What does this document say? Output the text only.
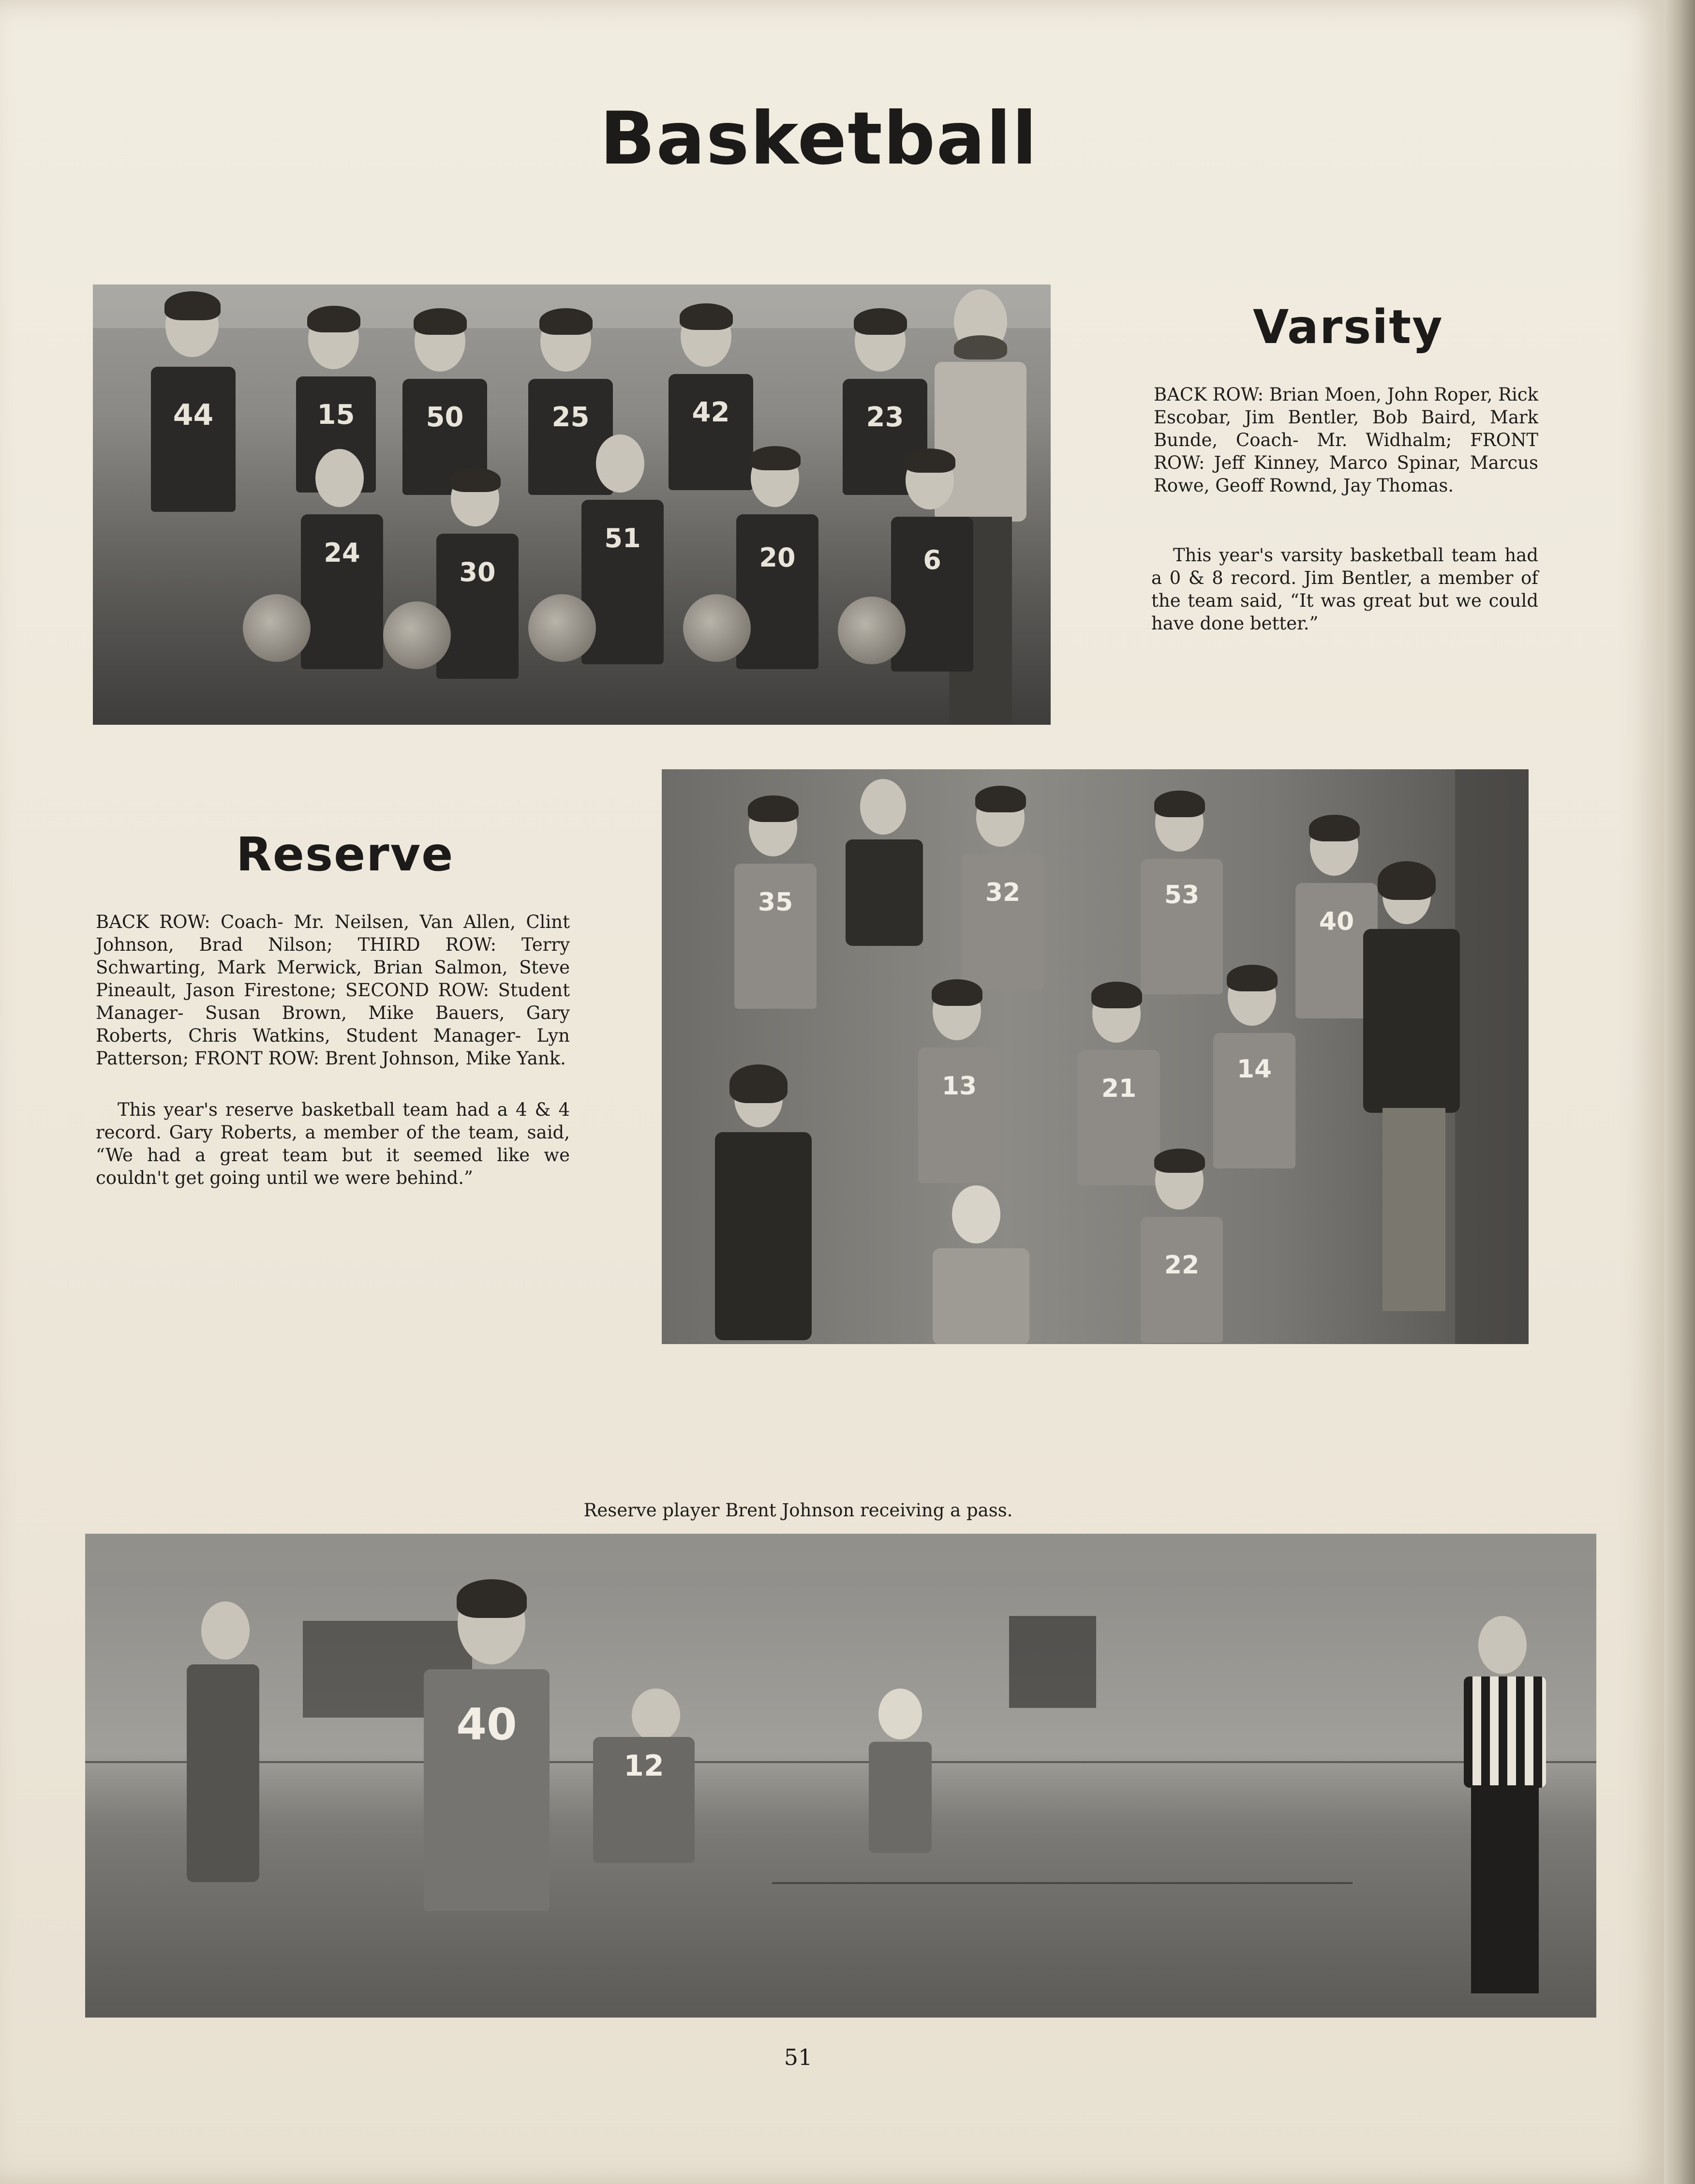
Basketball
44	15	50	25	42	23
24
30
51
20	6
Varsity

BACK ROW: Brian Moen, John Roper, Rick Escobar, Jim Bentler, Bob Baird, Mark Bunde, Coach- Mr. Widhalm; FRONT ROW: Jeff Kinney, Marco Spinar, Marcus Rowe, Geoff Rownd, Jay Thomas.

This year's varsity basketball team had a 0 & 8 record. Jim Bentler, a member of the team said, “It was great but we could have done better.”

35	32	53
40
13	21
14
22
Reserve

BACK ROW: Coach- Mr. Neilsen, Van Allen, Clint Johnson, Brad Nilson; THIRD ROW: Terry Schwarting, Mark Merwick, Brian Salmon, Steve Pineault, Jason Firestone; SECOND ROW: Student Manager- Susan Brown, Mike Bauers, Gary Roberts, Chris Watkins, Student Manager- Lyn Patterson; FRONT ROW: Brent Johnson, Mike Yank.

This year's reserve basketball team had a 4 & 4 record. Gary Roberts, a member of the team, said, “We had a great team but it seemed like we couldn't get going until we were behind.”

Reserve player Brent Johnson receiving a pass.
40
12
51
